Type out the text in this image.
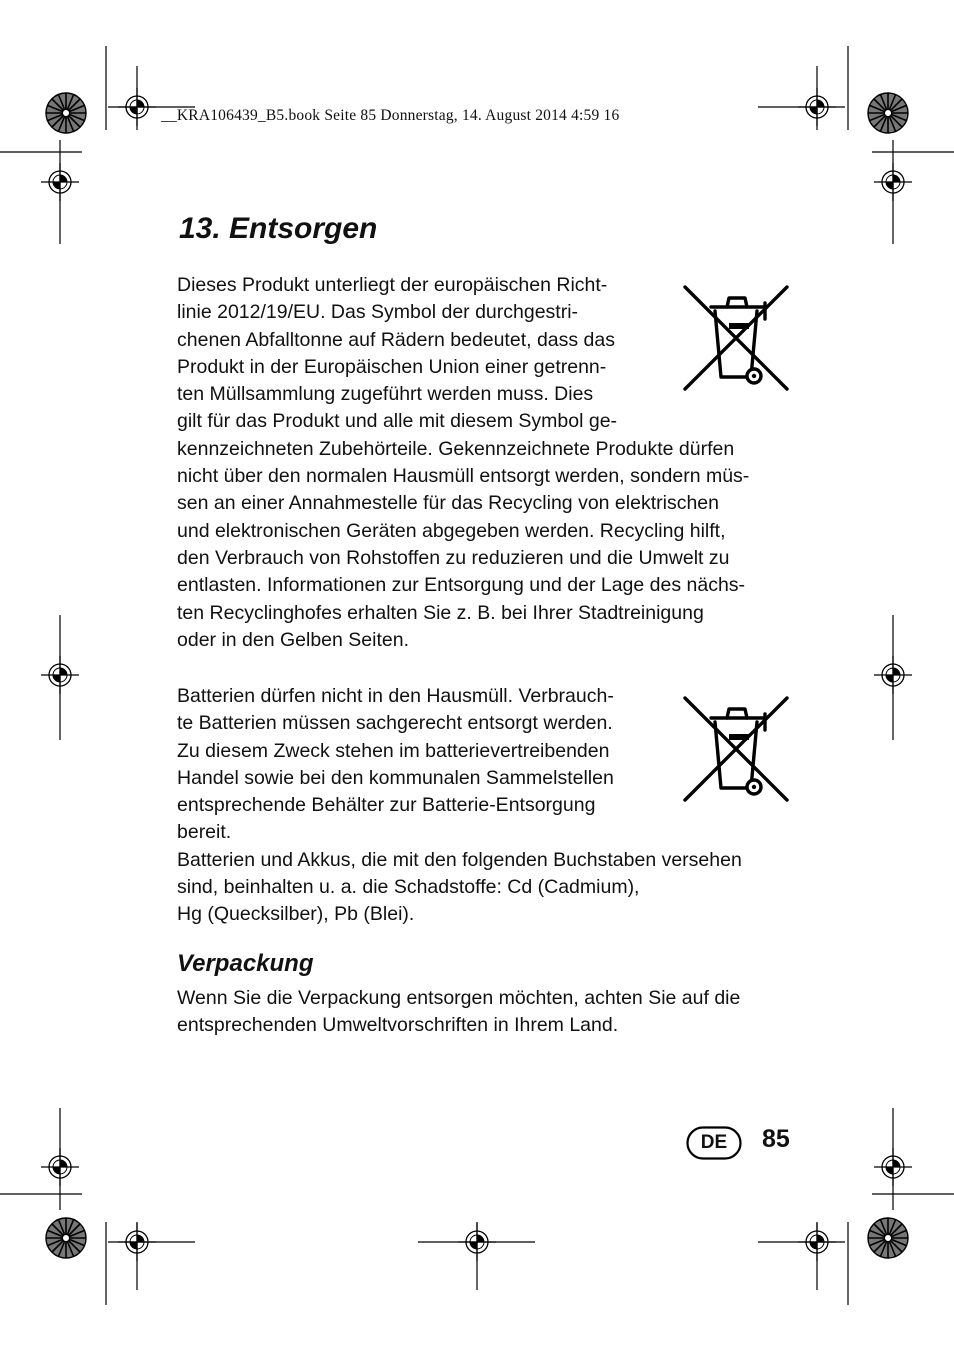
__KRA106439_B5.book Seite 85 Donnerstag, 14. August 2014 4:59 16
13. Entsorgen

Dieses Produkt unterliegt der europäischen Richt-

linie 2012/19/EU. Das Symbol der durchgestri-

chenen Abfalltonne auf Rädern bedeutet, dass das

Produkt in der Europäischen Union einer getrenn-

ten Müllsammlung zugeführt werden muss. Dies

gilt für das Produkt und alle mit diesem Symbol ge-

kennzeichneten Zubehörteile. Gekennzeichnete Produkte dürfen

nicht über den normalen Hausmüll entsorgt werden, sondern müs-

sen an einer Annahmestelle für das Recycling von elektrischen

und elektronischen Geräten abgegeben werden. Recycling hilft,

den Verbrauch von Rohstoffen zu reduzieren und die Umwelt zu

entlasten. Informationen zur Entsorgung und der Lage des nächs-

ten Recyclinghofes erhalten Sie z. B. bei Ihrer Stadtreinigung

oder in den Gelben Seiten.

Batterien dürfen nicht in den Hausmüll. Verbrauch-

te Batterien müssen sachgerecht entsorgt werden.

Zu diesem Zweck stehen im batterievertreibenden

Handel sowie bei den kommunalen Sammelstellen

entsprechende Behälter zur Batterie-Entsorgung

bereit.

Batterien und Akkus, die mit den folgenden Buchstaben versehen

sind, beinhalten u. a. die Schadstoffe: Cd (Cadmium),

Hg (Quecksilber), Pb (Blei).

Verpackung

Wenn Sie die Verpackung entsorgen möchten, achten Sie auf die

entsprechenden Umweltvorschriften in Ihrem Land.

DE	85
